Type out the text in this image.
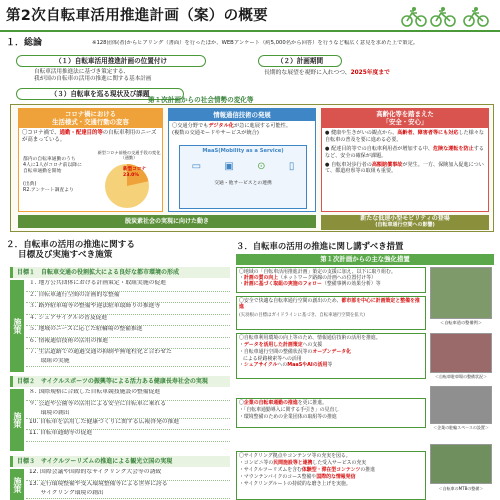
第2次自転車活用推進計画（案）の概要
１．総論	※128団体(者)からヒアリング（書面）を行ったほか、WEBアンケート（約5,000名から回答）を行うなど幅広く意見を求めた上で策定。
（１）自転車活用推進計画の位置付け
自転車活用推進法に基づき策定する、
我が国の自転車の活用の推進に関する基本計画
（２）計画期間
長期的な展望を視野に入れつつ、2025年度まで
（３）自転車を巡る現状及び課題
第１次計画からの社会情勢の変化等
コロナ禍における
生活様式・交通行動の変容
〇コロナ禍で、通勤・配達目的等の自転車利用のニーズが高まっている。
都内の自転車通勤のうち
4人に1人がコロナ前以降に
自転車通勤を開始
(出典)
R2.アンケート調査より
新型コロナ前後の交通手段の変化（通勤）
新型コロナ
23.0%
情報通信技術の発展
〇交通分野でもデジタル化が急に進展する可能性。
(複数の交通モードやサービスが統合)
MaaS(Mobility as a Service)
▭ ▣ ⊙ ▯
交通・他サービスとの連携
高齢化等を踏まえた
「安全・安心」
● 健康や生きがいの観点から、高齢者、障害者等にも対応した様々な自転車の普及を要に進める必要。
● 配達目的等での自転車利用者が増加する中、危険な運転を防止するなど、安全の確保が課題。
● 自転車対歩行者の高額賠償事故が発生。一方、保険加入促進について、都道府県等の取組も重要。
脱炭素社会の実現に向けた動き	新たな低速小型モビリティの登場
(自転車通行空間への影響)
２．自転車の活用の推進に関する
目標及び実施すべき施策
目標１　 自転車交通の役割拡大による良好な都市環境の形成
施策
１. 地方公共団体における計画策定・取組実施の促進
２. 自転車通行空間の計画的な整備
３. 路外駐車場等の整備や違法駐車取締りの推進等
４. シェアサイクルの普及促進
５. 地域のニーズに応じた駐輪場の整備推進
６. 情報通信技術の活用の推進
７. 生活道路での通過交通の抑制や無電柱化と合わせた
　　取組の実施
目標２　 サイクルスポーツの振興等による活力ある健康長寿社会の実現
施策
８. 国際規格に合致した自転車競技施設の整備促進
９. 公道や公園等の活用による安全に自転車に乗れる
　　環境の創出
10. 自転車を活用した健康づくりに関する広報啓発の推進
11. 自転車通勤等の促進
目標３　 サイクルツーリズムの推進による観光立国の実現
施策
12. 国際会議や国際的なサイクリング大会等の誘致
13. 走行環境整備や受入環境整備等による世界に誇る
　　サイクリング環境の創出
３．自転車の活用の推進に関し講ずべき措置
第１次計画からの主な強化措置
〇地域の「自転車活用推進計画」策定の支援に加え、以下に取り組む。
・計画の質の向上（ネットワーク路線の計画への位置付け等）
・計画に基づく取組の実施のフォロー（整備事例の効果分析）等
〇安全で快適な自転車通行空間の創出のため、都市部を中心に計画策定と整備を推進
(矢羽根の目標はガイドラインに基づき、自転車通行空間を拡大)
＜自転車道の整備例＞
〇自転車利用環境の向上等のため、情報通信技術の活用を推進。
・データを活用した計画策定への支援
・自転車通行空間の整備状況等のオープンデータ化
による経路検索等への活用
・シェアサイクルへのMaaSやAIの活用等
＜自転車駐車場の整備状況＞
〇企業の自転車通勤の推進を更に推進。
・「自転車通勤導入に関する手引き」の見直し
・環境整備のための企業団体の取組等の推進
＜企業の駐輪スペースの設置＞
〇サイクリング拠点やコンテンツ等の充実を図る。
・コンビニ等の民間施設等と連携した受入サービスの充実
・サイクルツーリズムを含む体験型・滞在型コンテンツの推進
・マウンテンバイクのコース整備や国際的な情報発信
・サイクリングルートの持続的な磨き上げを実施。
＜自転車のMTBの整備＞
